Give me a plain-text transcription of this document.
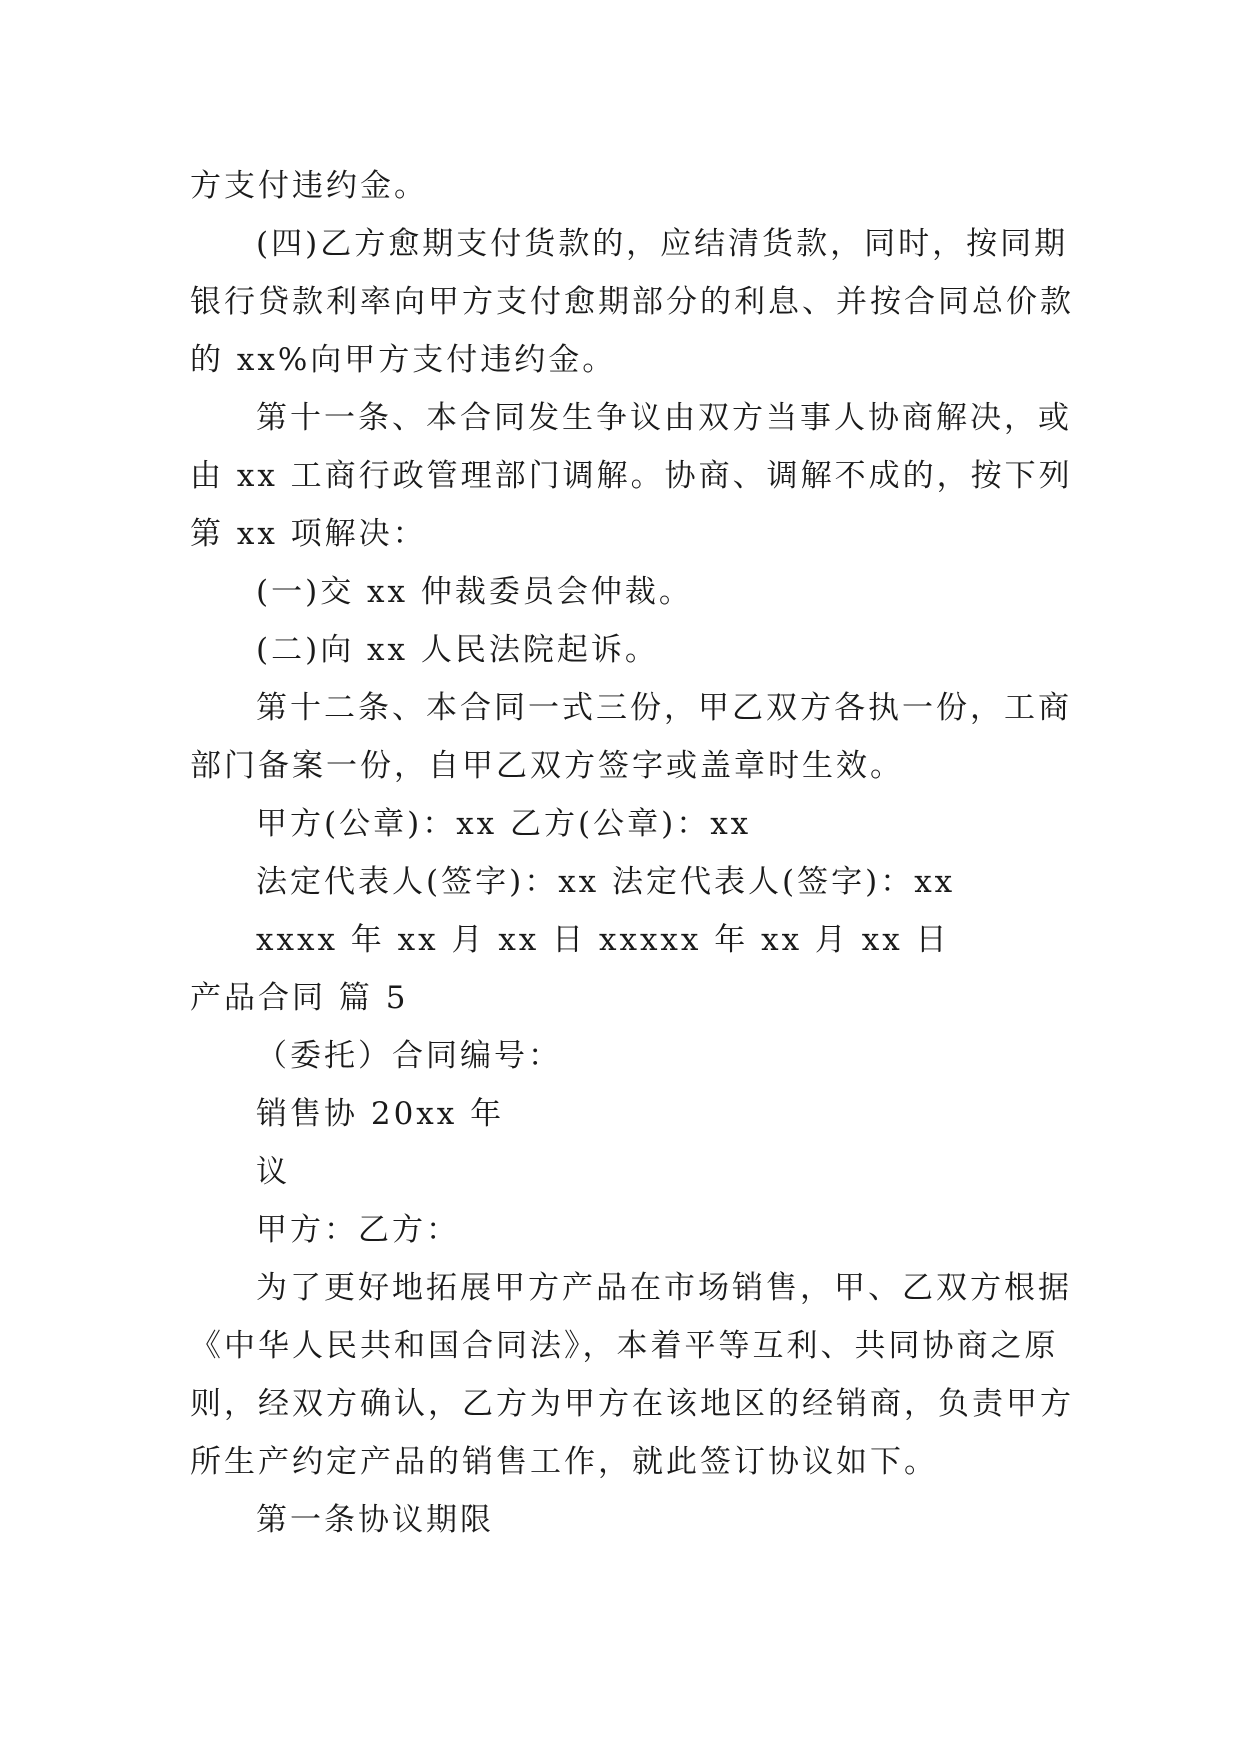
方支付违约金。

(四)乙方愈期支付货款的，应结清货款，同时，按同期

银行贷款利率向甲方支付愈期部分的利息、并按合同总价款

的 xx%向甲方支付违约金。

第十一条、本合同发生争议由双方当事人协商解决，或

由 xx 工商行政管理部门调解。协商、调解不成的，按下列

第 xx 项解决：

(一)交 xx 仲裁委员会仲裁。

(二)向 xx 人民法院起诉。

第十二条、本合同一式三份，甲乙双方各执一份，工商

部门备案一份，自甲乙双方签字或盖章时生效。

甲方(公章)：xx 乙方(公章)：xx

法定代表人(签字)：xx 法定代表人(签字)：xx

xxxx 年 xx 月 xx 日 xxxxx 年 xx 月 xx 日

产品合同 篇 5

（委托）合同编号：

销售协 20xx 年

议

甲方：乙方：

为了更好地拓展甲方产品在市场销售，甲、乙双方根据

《中华人民共和国合同法》，本着平等互利、共同协商之原

则，经双方确认，乙方为甲方在该地区的经销商，负责甲方

所生产约定产品的销售工作，就此签订协议如下。

第一条协议期限
